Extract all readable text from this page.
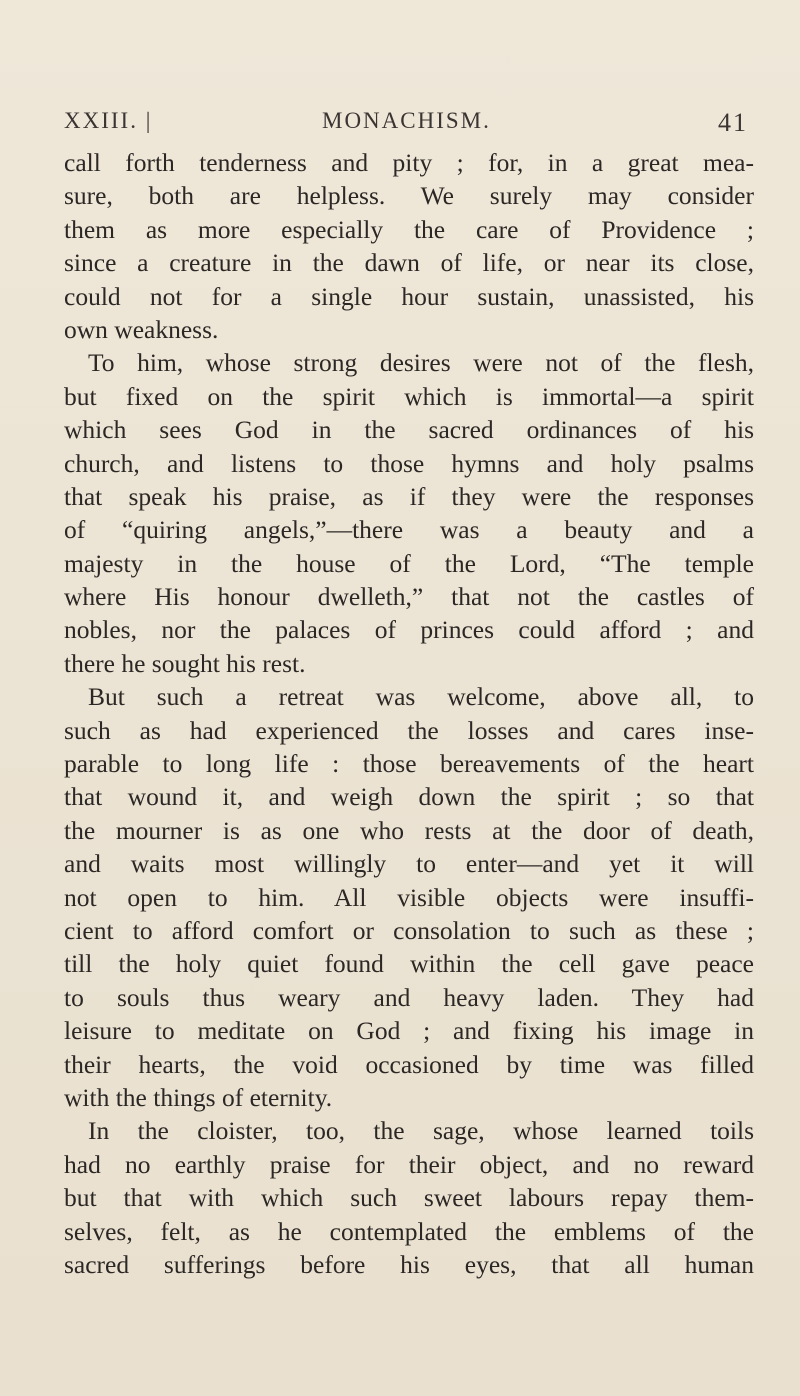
XXIII. |	MONACHISM.	41
call forth tenderness and pity ; for, in a great mea-
sure, both are helpless. We surely may consider
them as more especially the care of Providence ;
since a creature in the dawn of life, or near its close,
could not for a single hour sustain, unassisted, his
own weakness.
To him, whose strong desires were not of the flesh,
but fixed on the spirit which is immortal—a spirit
which sees God in the sacred ordinances of his
church, and listens to those hymns and holy psalms
that speak his praise, as if they were the responses
of “quiring angels,”—there was a beauty and a
majesty in the house of the Lord, “The temple
where His honour dwelleth,” that not the castles of
nobles, nor the palaces of princes could afford ; and
there he sought his rest.
But such a retreat was welcome, above all, to
such as had experienced the losses and cares inse-
parable to long life : those bereavements of the heart
that wound it, and weigh down the spirit ; so that
the mourner is as one who rests at the door of death,
and waits most willingly to enter—and yet it will
not open to him. All visible objects were insuffi-
cient to afford comfort or consolation to such as these ;
till the holy quiet found within the cell gave peace
to souls thus weary and heavy laden. They had
leisure to meditate on God ; and fixing his image in
their hearts, the void occasioned by time was filled
with the things of eternity.
In the cloister, too, the sage, whose learned toils
had no earthly praise for their object, and no reward
but that with which such sweet labours repay them-
selves, felt, as he contemplated the emblems of the
sacred sufferings before his eyes, that all human
